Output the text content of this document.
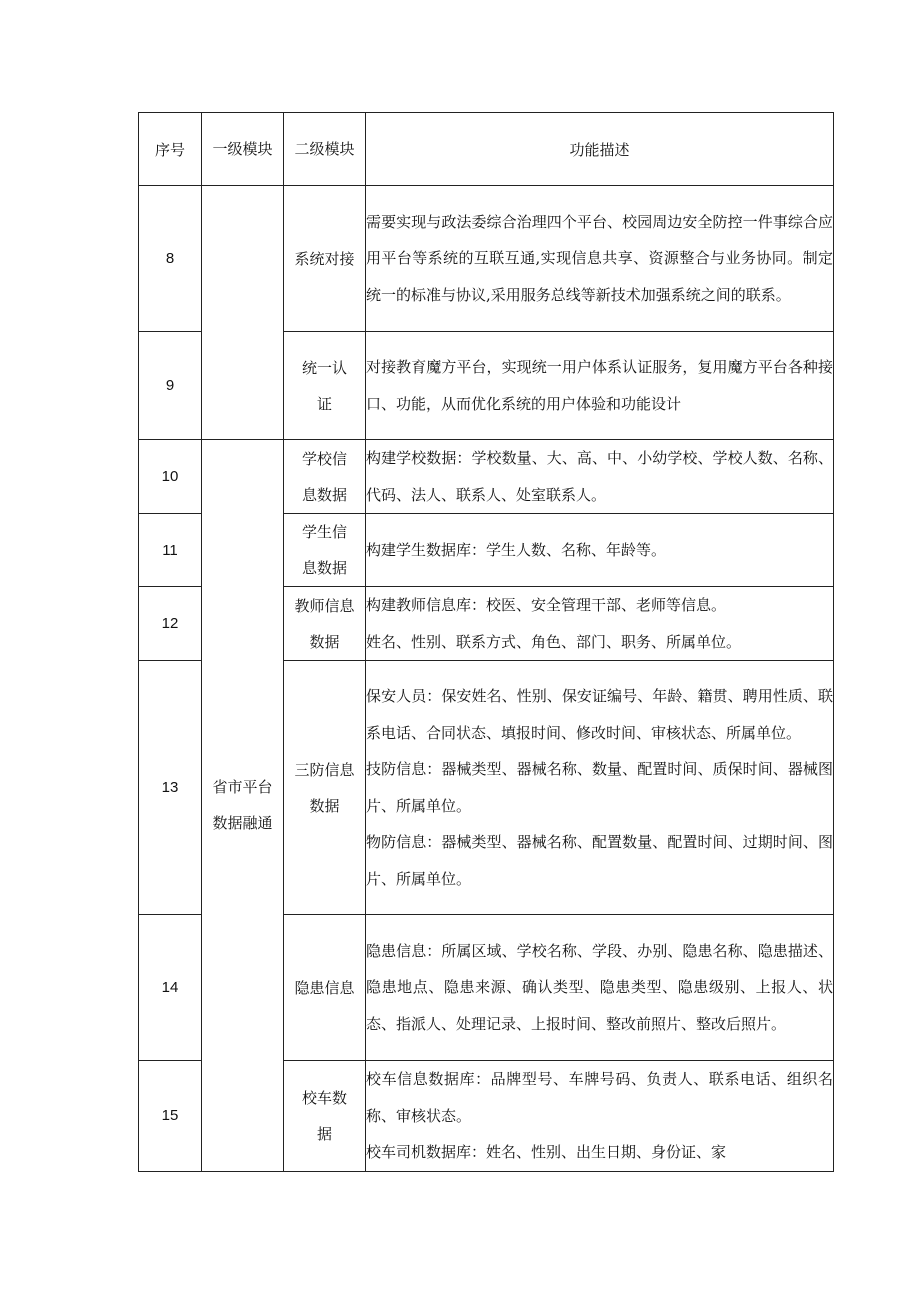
序号	一级模块	二级模块	功能描述
8		系统对接	需要实现与政法委综合治理四个平台、校园周边安全防控一件事综合应用平台等系统的互联互通,实现信息共享、资源整合与业务协同。制定统一的标准与协议,采用服务总线等新技术加强系统之间的联系。

9		统一认证	对接教育魔方平台，实现统一用户体系认证服务，复用魔方平台各种接口、功能，从而优化系统的用户体验和功能设计

10	省市平台数据融通	学校信息数据	构建学校数据：学校数量、大、高、中、小幼学校、学校人数、名称、代码、法人、联系人、处室联系人。

11		学生信息数据	构建学生数据库：学生人数、名称、年龄等。

12		教师信息数据	构建教师信息库：校医、安全管理干部、老师等信息。

姓名、性别、联系方式、角色、部门、职务、所属单位。

13		三防信息数据	保安人员：保安姓名、性别、保安证编号、年龄、籍贯、聘用性质、联系电话、合同状态、填报时间、修改时间、审核状态、所属单位。

技防信息：器械类型、器械名称、数量、配置时间、质保时间、器械图片、所属单位。

物防信息：器械类型、器械名称、配置数量、配置时间、过期时间、图片、所属单位。

14		隐患信息	隐患信息：所属区域、学校名称、学段、办别、隐患名称、隐患描述、隐患地点、隐患来源、确认类型、隐患类型、隐患级别、上报人、状态、指派人、处理记录、上报时间、整改前照片、整改后照片。

15		校车数据	校车信息数据库：品牌型号、车牌号码、负责人、联系电话、组织名称、审核状态。

校车司机数据库：姓名、性别、出生日期、身份证、家
